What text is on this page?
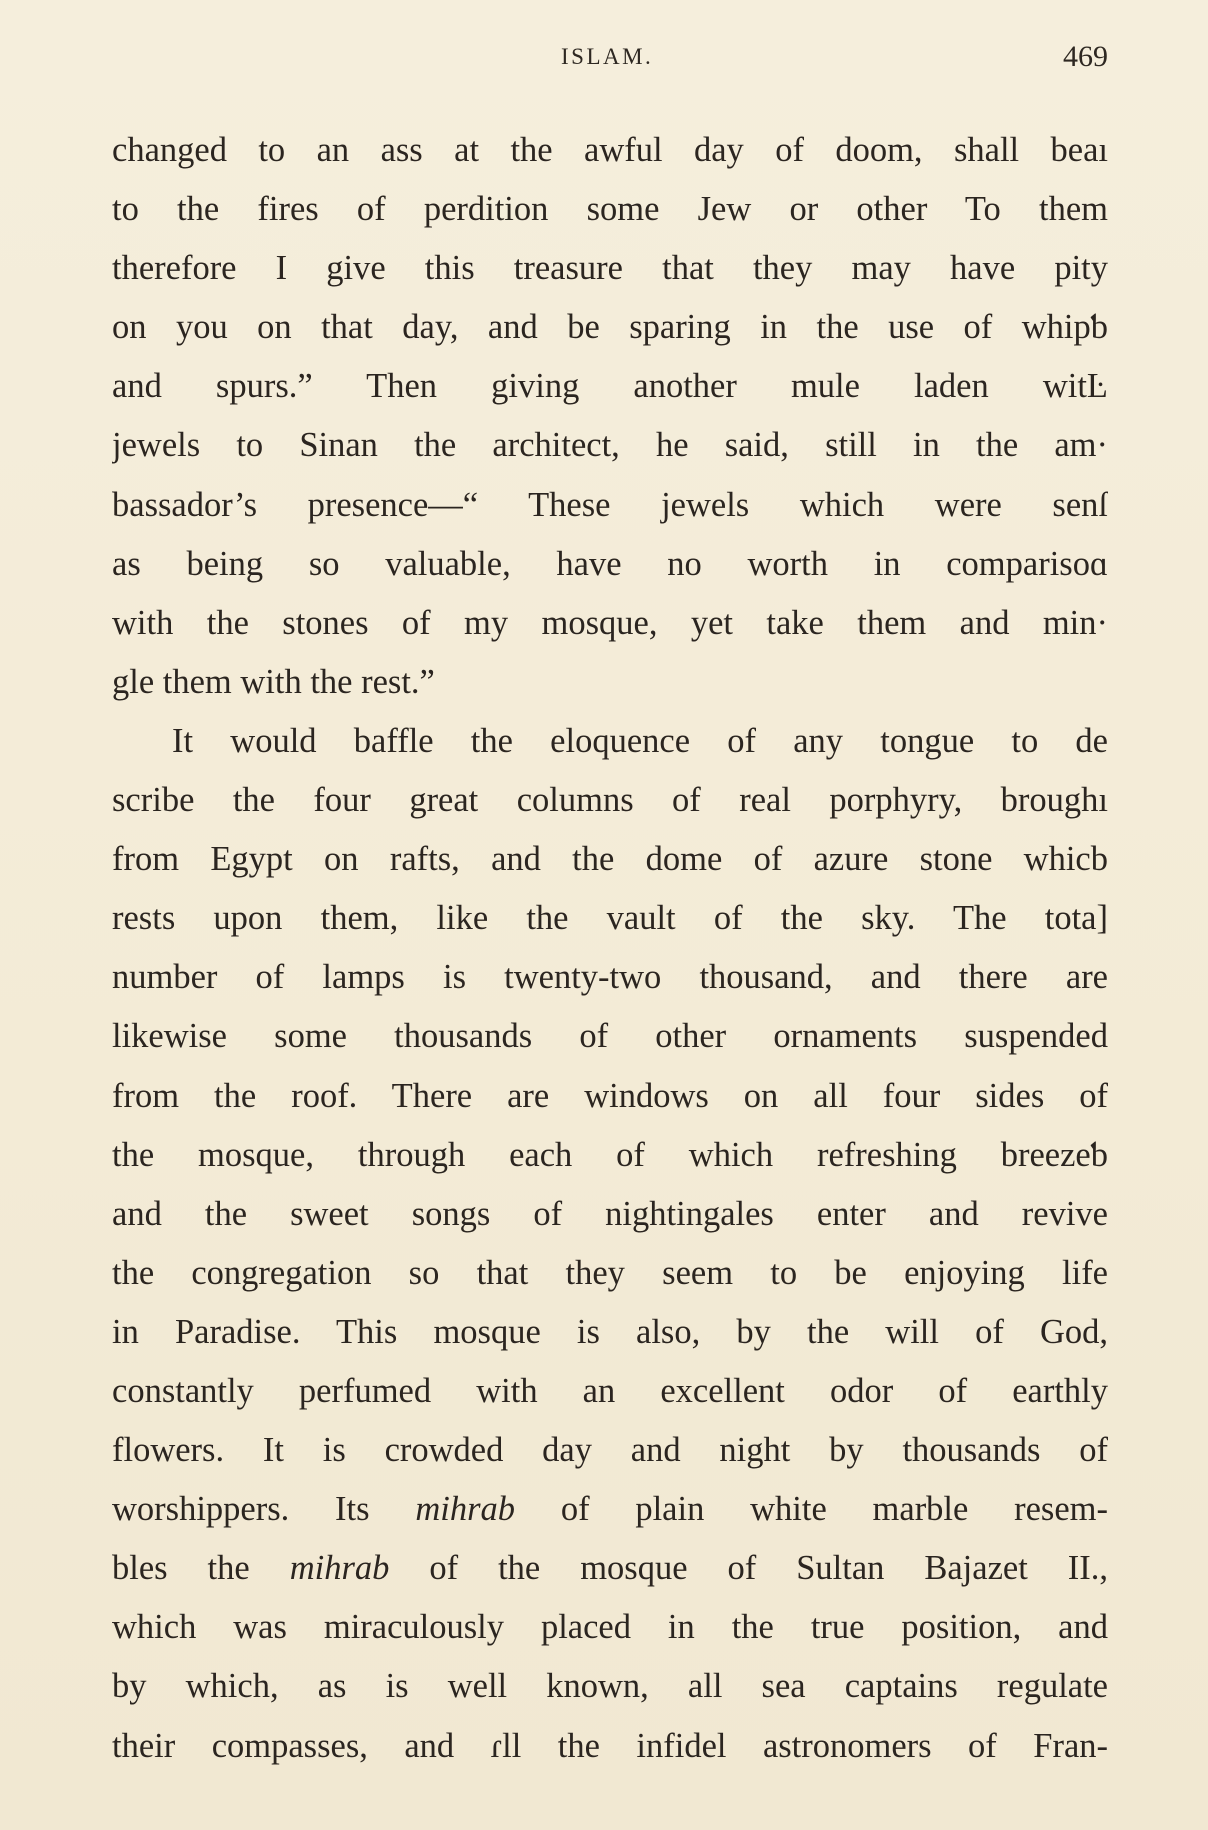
ISLAM.	469
changed to an ass at the awful day of doom, shall beaı
to the fires of perdition some Jew or other To them
therefore I give this treasure that they may have pity
on you on that day, and be sparing in the use of whipƅ
and spurs.” Then giving another mule laden witĿ
jewels to Sinan the architect, he said, still in the am·
bassador’s presence—“ These jewels which were senſ
as being so valuable, have no worth in comparisoɑ
with the stones of my mosque, yet take them and min·
gle them with the rest.”
It would baffle the eloquence of any tongue to de
scribe the four great columns of real porphyry, broughı
from Egypt on rafts, and the dome of azure stone whicb
rests upon them, like the vault of the sky. The tota]
number of lamps is twenty-two thousand, and there are
likewise some thousands of other ornaments suspended
from the roof. There are windows on all four sides of
the mosque, through each of which refreshing breezeƅ
and the sweet songs of nightingales enter and revive
the congregation so that they seem to be enjoying life
in Paradise. This mosque is also, by the will of God,
constantly perfumed with an excellent odor of earthly
flowers. It is crowded day and night by thousands of
worshippers. Its mihrab of plain white marble resem-
bles the mihrab of the mosque of Sultan Bajazet II.,
which was miraculously placed in the true position, and
by which, as is well known, all sea captains regulate
their compasses, and ɾll the infidel astronomers of Fran-
